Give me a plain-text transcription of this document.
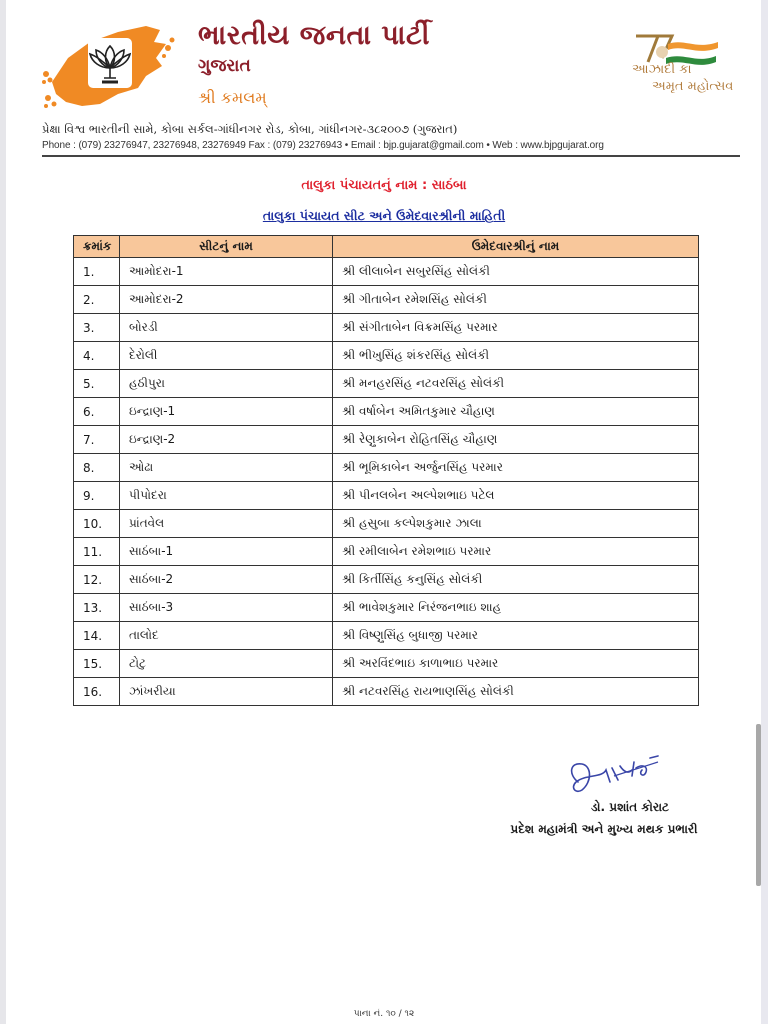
ભારતીય જનતા પાર્ટી
ગુજરાત
શ્રી કમલમ્
આઝાદી કા
અમૃત મહોત્સવ
પ્રેક્ષા વિશ્વ ભારતીની સામે, કોબા સર્કલ-ગાંધીનગર રોડ, કોબા, ગાંધીનગર-૩૮૨૦૦૭ (ગુજરાત)
Phone : (079) 23276947, 23276948, 23276949 Fax : (079) 23276943 • Email : bjp.gujarat@gmail.com • Web : www.bjpgujarat.org
તાલુકા પંચાયતનું નામ : સાઠંબા
તાલુકા પંચાયત સીટ અને ઉમેદવારશ્રીની માહિતી
ક્રમાંક	સીટનું નામ	ઉમેદવારશ્રીનું નામ
1.	આમોદરા-1	શ્રી લીલાબેન સબુરસિંહ સોલંકી
2.	આમોદરા-2	શ્રી ગીતાબેન રમેશસિંહ સોલંકી
3.	બોરડી	શ્રી સંગીતાબેન વિક્રમસિંહ પરમાર
4.	દેરોલી	શ્રી ભીખુસિંહ શંકરસિંહ સોલંકી
5.	હઠીપુરા	શ્રી મનહરસિંહ નટવરસિંહ સોલંકી
6.	ઇન્દ્રાણ-1	શ્રી વર્ષાબેન અમિતકુમાર ચૌહાણ
7.	ઇન્દ્રાણ-2	શ્રી રેણુકાબેન રોહિતસિંહ ચૌહાણ
8.	ઓઢા	શ્રી ભૂમિકાબેન અર્જુનસિંહ પરમાર
9.	પીપોદરા	શ્રી પીનલબેન અલ્પેશભાઇ પટેલ
10.	પ્રાંતવેલ	શ્રી હસુબા કલ્પેશકુમાર ઝાલા
11.	સાઠંબા-1	શ્રી રમીલાબેન રમેશભાઇ પરમાર
12.	સાઠંબા-2	શ્રી કિર્તીસિંહ કનુસિંહ સોલંકી
13.	સાઠંબા-3	શ્રી ભાવેશકુમાર નિરંજનભાઇ શાહ
14.	તાલોદ	શ્રી વિષ્ણુસિંહ બુધાજી પરમાર
15.	ટોટુ	શ્રી અરવિંદભાઇ કાળાભાઇ પરમાર
16.	ઝાંખરીયા	શ્રી નટવરસિંહ રાયભાણસિંહ સોલંકી
ડો. પ્રશાંત કોરાટ
પ્રદેશ મહામંત્રી અને મુખ્ય મથક પ્રભારી
પાના નં. ૧૦ / ૧૨
